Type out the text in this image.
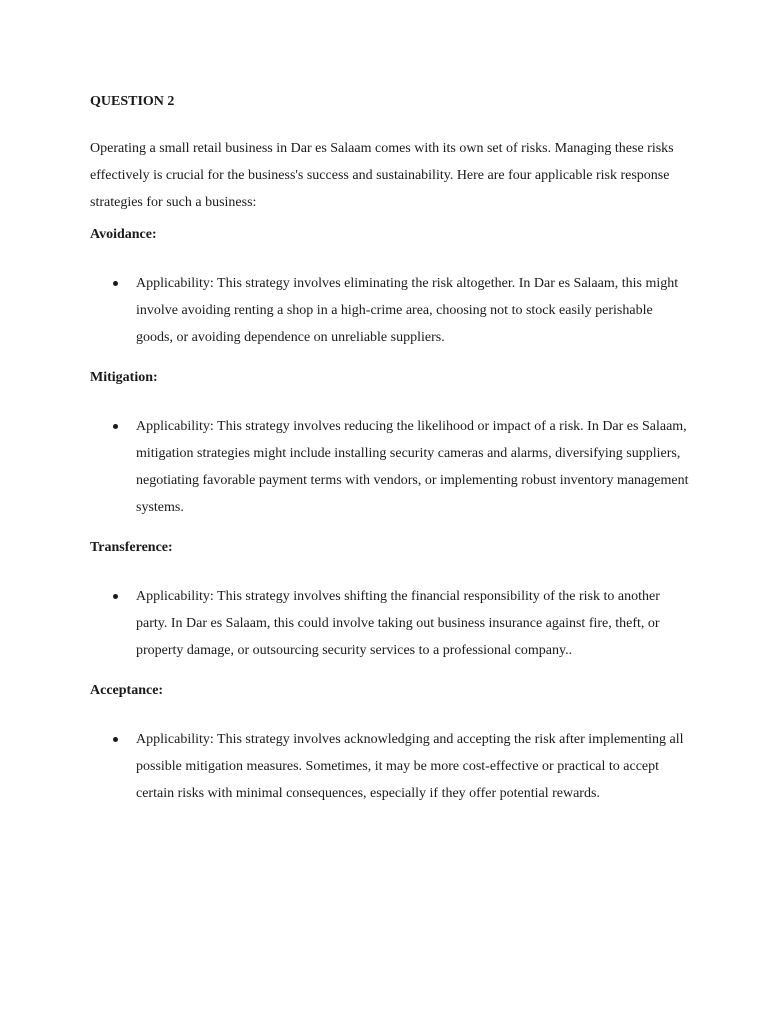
QUESTION 2

Operating a small retail business in Dar es Salaam comes with its own set of risks. Managing these risks effectively is crucial for the business's success and sustainability. Here are four applicable risk response strategies for such a business:

Avoidance:
Applicability: This strategy involves eliminating the risk altogether. In Dar es Salaam, this might involve avoiding renting a shop in a high-crime area, choosing not to stock easily perishable goods, or avoiding dependence on unreliable suppliers.
Mitigation:
Applicability: This strategy involves reducing the likelihood or impact of a risk. In Dar es Salaam, mitigation strategies might include installing security cameras and alarms, diversifying suppliers, negotiating favorable payment terms with vendors, or implementing robust inventory management systems.
Transference:
Applicability: This strategy involves shifting the financial responsibility of the risk to another party. In Dar es Salaam, this could involve taking out business insurance against fire, theft, or property damage, or outsourcing security services to a professional company..
Acceptance:
Applicability: This strategy involves acknowledging and accepting the risk after implementing all possible mitigation measures. Sometimes, it may be more cost-effective or practical to accept certain risks with minimal consequences, especially if they offer potential rewards.
